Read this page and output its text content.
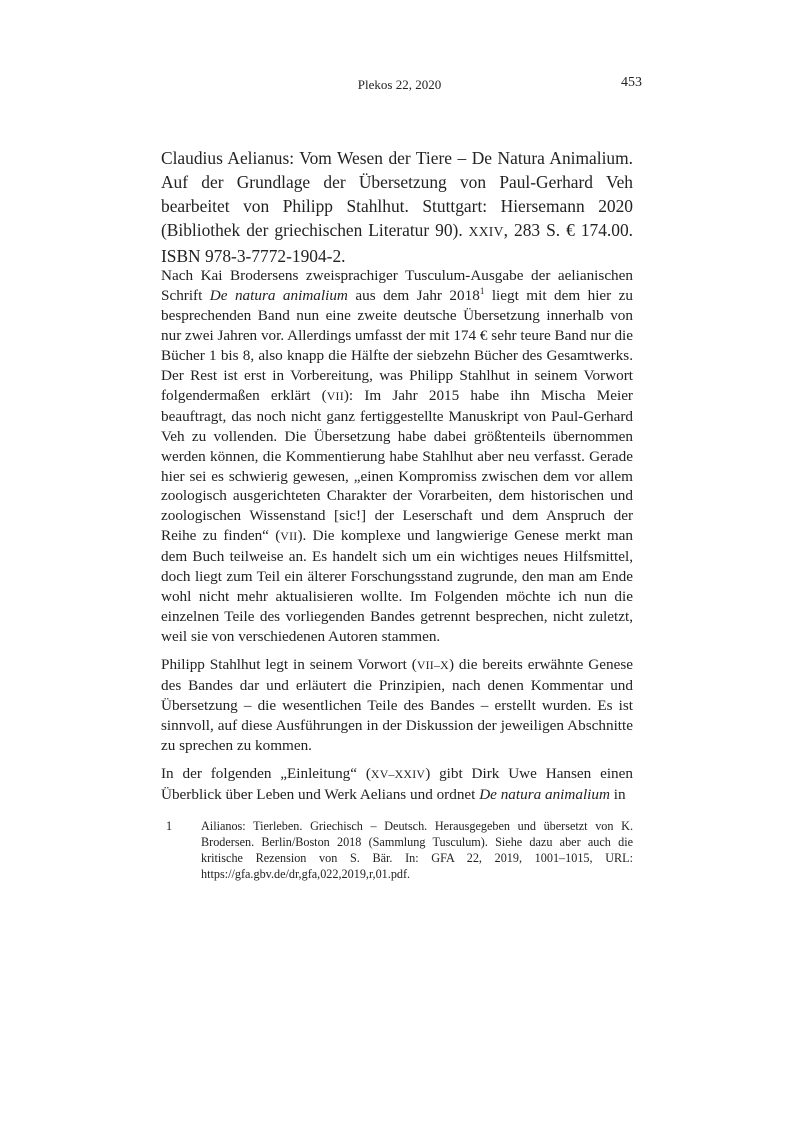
Plekos 22, 2020	453

Claudius Aelianus: Vom Wesen der Tiere – De Natura Animalium. Auf der Grundlage der Übersetzung von Paul-Gerhard Veh bearbeitet von Philipp Stahlhut. Stuttgart: Hiersemann 2020 (Bibliothek der griechischen Literatur 90). XXIV, 283 S. € 174.00. ISBN 978-3-7772-1904-2.

Nach Kai Brodersens zweisprachiger Tusculum-Ausgabe der aelianischen Schrift De natura animalium aus dem Jahr 2018$^1$ liegt mit dem hier zu besprechenden Band nun eine zweite deutsche Übersetzung innerhalb von nur zwei Jahren vor. Allerdings umfasst der mit 174 € sehr teure Band nur die Bücher 1 bis 8, also knapp die Hälfte der siebzehn Bücher des Gesamtwerks. Der Rest ist erst in Vorbereitung, was Philipp Stahlhut in seinem Vorwort folgendermaßen erklärt (VII): Im Jahr 2015 habe ihn Mischa Meier beauftragt, das noch nicht ganz fertiggestellte Manuskript von Paul-Gerhard Veh zu vollenden. Die Übersetzung habe dabei größtenteils übernommen werden können, die Kommentierung habe Stahlhut aber neu verfasst. Gerade hier sei es schwierig gewesen, „einen Kompromiss zwischen dem vor allem zoologisch ausgerichteten Charakter der Vorarbeiten, dem historischen und zoologischen Wissenstand [sic!] der Leserschaft und dem Anspruch der Reihe zu finden“ (VII). Die komplexe und langwierige Genese merkt man dem Buch teilweise an. Es handelt sich um ein wichtiges neues Hilfsmittel, doch liegt zum Teil ein älterer Forschungsstand zugrunde, den man am Ende wohl nicht mehr aktualisieren wollte. Im Folgenden möchte ich nun die einzelnen Teile des vorliegenden Bandes getrennt besprechen, nicht zuletzt, weil sie von verschiedenen Autoren stammen.

Philipp Stahlhut legt in seinem Vorwort (VII–X) die bereits erwähnte Genese des Bandes dar und erläutert die Prinzipien, nach denen Kommentar und Übersetzung – die wesentlichen Teile des Bandes – erstellt wurden. Es ist sinnvoll, auf diese Ausführungen in der Diskussion der jeweiligen Abschnitte zu sprechen zu kommen.

In der folgenden „Einleitung“ (XV–XXIV) gibt Dirk Uwe Hansen einen Überblick über Leben und Werk Aelians und ordnet De natura animalium in

1 Ailianos: Tierleben. Griechisch – Deutsch. Herausgegeben und übersetzt von K. Brodersen. Berlin/Boston 2018 (Sammlung Tusculum). Siehe dazu aber auch die kritische Rezension von S. Bär. In: GFA 22, 2019, 1001–1015, URL: https://gfa.gbv.de/dr,gfa,022,2019,r,01.pdf.
